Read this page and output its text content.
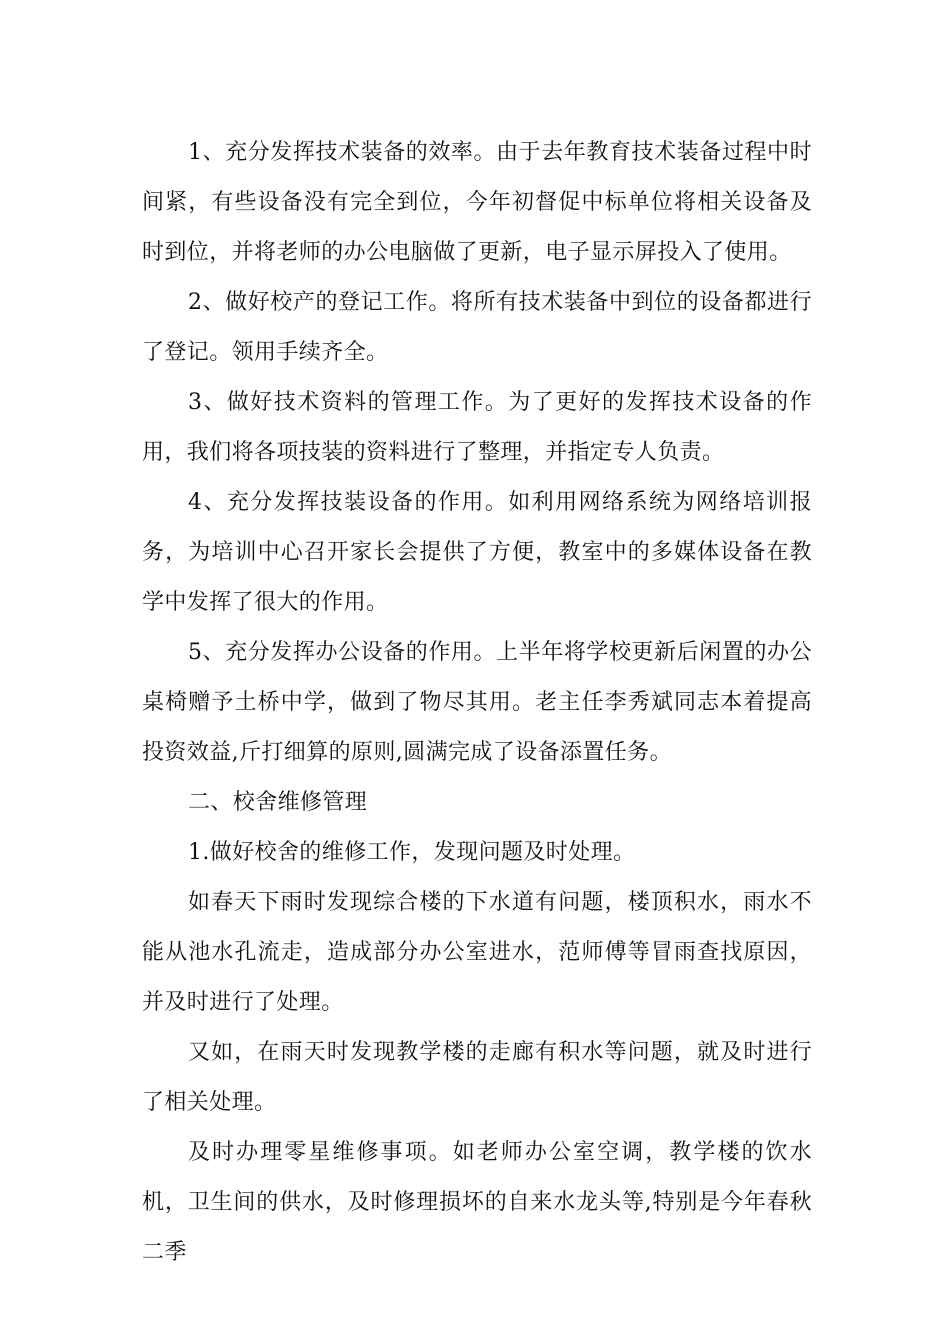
1、充分发挥技术装备的效率。由于去年教育技术装备过程中时间紧，有些设备没有完全到位，今年初督促中标单位将相关设备及时到位，并将老师的办公电脑做了更新，电子显示屏投入了使用。

2、做好校产的登记工作。将所有技术装备中到位的设备都进行了登记。领用手续齐全。

3、做好技术资料的管理工作。为了更好的发挥技术设备的作用，我们将各项技装的资料进行了整理，并指定专人负责。

4、充分发挥技装设备的作用。如利用网络系统为网络培训报务，为培训中心召开家长会提供了方便，教室中的多媒体设备在教学中发挥了很大的作用。

5、充分发挥办公设备的作用。上半年将学校更新后闲置的办公桌椅赠予土桥中学，做到了物尽其用。老主任李秀斌同志本着提高投资效益,斤打细算的原则,圆满完成了设备添置任务。

二、校舍维修管理

1.做好校舍的维修工作，发现问题及时处理。

如春天下雨时发现综合楼的下水道有问题，楼顶积水，雨水不能从池水孔流走，造成部分办公室进水，范师傅等冒雨查找原因，并及时进行了处理。

又如，在雨天时发现教学楼的走廊有积水等问题，就及时进行了相关处理。

及时办理零星维修事项。如老师办公室空调，教学楼的饮水机，卫生间的供水，及时修理损坏的自来水龙头等,特别是今年春秋二季
